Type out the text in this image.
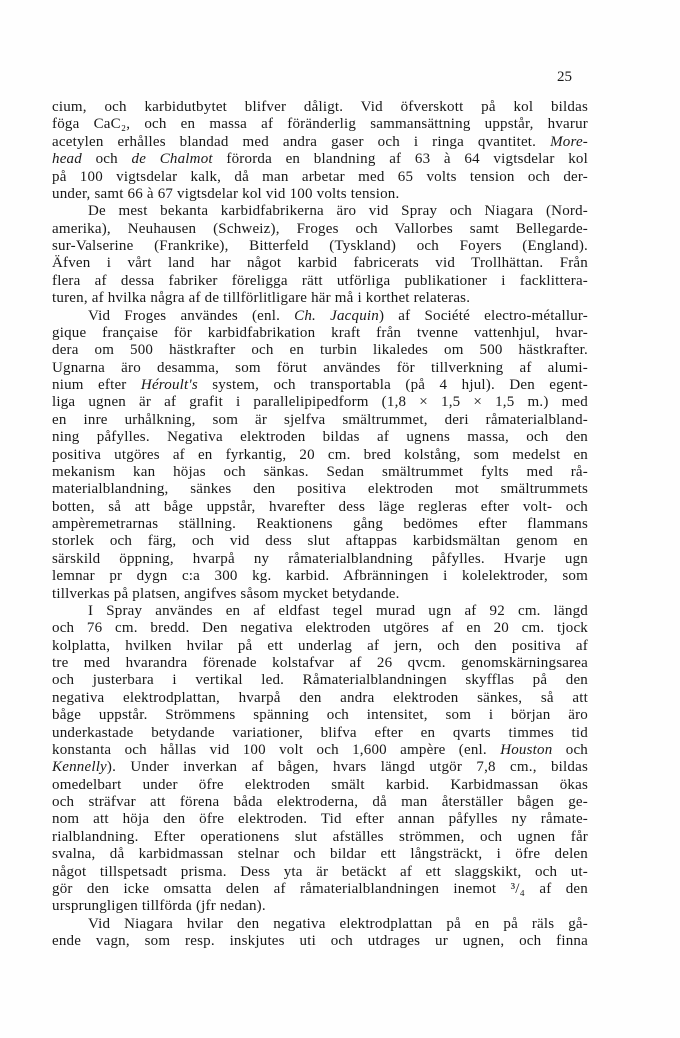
25
cium, och karbidutbytet blifver dåligt. Vid öfverskott på kol bildas
föga CaC₂, och en massa af föränderlig sammansättning uppstår, hvarur
acetylen erhålles blandad med andra gaser och i ringa qvantitet. More-
head och de Chalmot förorda en blandning af 63 à 64 vigtsdelar kol
på 100 vigtsdelar kalk, då man arbetar med 65 volts tension och der-
under, samt 66 à 67 vigtsdelar kol vid 100 volts tension.
De mest bekanta karbidfabrikerna äro vid Spray och Niagara (Nord-
amerika), Neuhausen (Schweiz), Froges och Vallorbes samt Bellegarde-
sur-Valserine (Frankrike), Bitterfeld (Tyskland) och Foyers (England).
Äfven i vårt land har något karbid fabricerats vid Trollhättan. Från
flera af dessa fabriker föreligga rätt utförliga publikationer i facklittera-
turen, af hvilka några af de tillförlitligare här må i korthet relateras.
Vid Froges användes (enl. Ch. Jacquin) af Société electro-métallur-
gique française för karbidfabrikation kraft från tvenne vattenhjul, hvar-
dera om 500 hästkrafter och en turbin likaledes om 500 hästkrafter.
Ugnarna äro desamma, som förut användes för tillverkning af alumi-
nium efter Héroult's system, och transportabla (på 4 hjul). Den egent-
liga ugnen är af grafit i parallelipipedform (1,8 × 1,5 × 1,5 m.) med
en inre urhålkning, som är sjelfva smältrummet, deri råmaterialbland-
ning påfylles. Negativa elektroden bildas af ugnens massa, och den
positiva utgöres af en fyrkantig, 20 cm. bred kolstång, som medelst en
mekanism kan höjas och sänkas. Sedan smältrummet fylts med rå-
materialblandning, sänkes den positiva elektroden mot smältrummets
botten, så att båge uppstår, hvarefter dess läge regleras efter volt- och
ampèremetrarnas ställning. Reaktionens gång bedömes efter flammans
storlek och färg, och vid dess slut aftappas karbidsmältan genom en
särskild öppning, hvarpå ny råmaterialblandning påfylles. Hvarje ugn
lemnar pr dygn c:a 300 kg. karbid. Afbränningen i kolelektroder, som
tillverkas på platsen, angifves såsom mycket betydande.
I Spray användes en af eldfast tegel murad ugn af 92 cm. längd
och 76 cm. bredd. Den negativa elektroden utgöres af en 20 cm. tjock
kolplatta, hvilken hvilar på ett underlag af jern, och den positiva af
tre med hvarandra förenade kolstafvar af 26 qvcm. genomskärningsarea
och justerbara i vertikal led. Råmaterialblandningen skyfflas på den
negativa elektrodplattan, hvarpå den andra elektroden sänkes, så att
båge uppstår. Strömmens spänning och intensitet, som i början äro
underkastade betydande variationer, blifva efter en qvarts timmes tid
konstanta och hållas vid 100 volt och 1,600 ampère (enl. Houston och
Kennelly). Under inverkan af bågen, hvars längd utgör 7,8 cm., bildas
omedelbart under öfre elektroden smält karbid. Karbidmassan ökas
och sträfvar att förena båda elektroderna, då man återställer bågen ge-
nom att höja den öfre elektroden. Tid efter annan påfylles ny råmate-
rialblandning. Efter operationens slut afställes strömmen, och ugnen får
svalna, då karbidmassan stelnar och bildar ett långsträckt, i öfre delen
något tillspetsadt prisma. Dess yta är betäckt af ett slaggskikt, och ut-
gör den icke omsatta delen af råmaterialblandningen inemot ³/₄ af den
ursprungligen tillförda (jfr nedan).
Vid Niagara hvilar den negativa elektrodplattan på en på räls gå-
ende vagn, som resp. inskjutes uti och utdrages ur ugnen, och finna
